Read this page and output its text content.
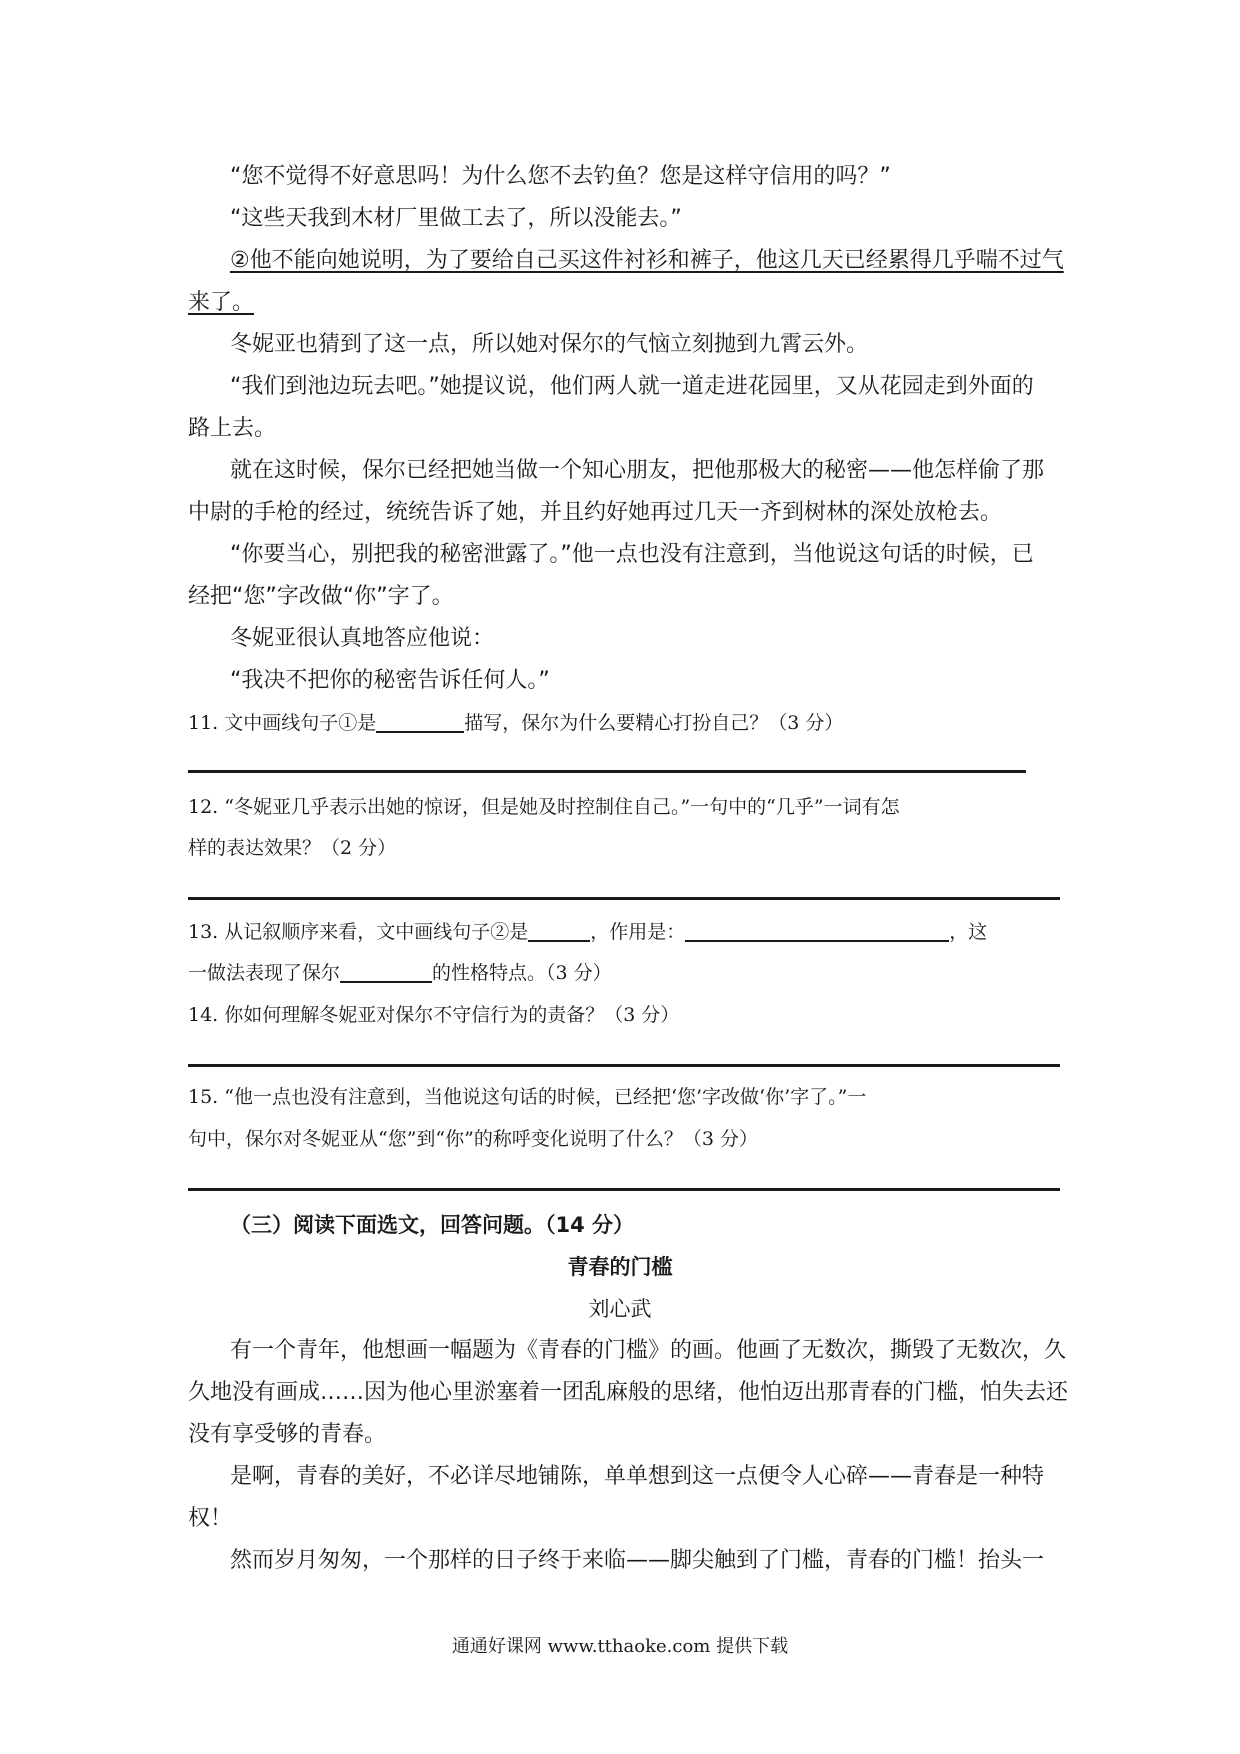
“您不觉得不好意思吗！为什么您不去钓鱼？您是这样守信用的吗？”
“这些天我到木材厂里做工去了，所以没能去。”
②他不能向她说明，为了要给自己买这件衬衫和裤子，他这几天已经累得几乎喘不过气
来了。
冬妮亚也猜到了这一点，所以她对保尔的气恼立刻抛到九霄云外。
“我们到池边玩去吧。”她提议说，他们两人就一道走进花园里，又从花园走到外面的
路上去。
就在这时候，保尔已经把她当做一个知心朋友，把他那极大的秘密——他怎样偷了那
中尉的手枪的经过，统统告诉了她，并且约好她再过几天一齐到树林的深处放枪去。
“你要当心，别把我的秘密泄露了。”他一点也没有注意到，当他说这句话的时候，已
经把“您”字改做“你”字了。
冬妮亚很认真地答应他说：
“我决不把你的秘密告诉任何人。”
11. 文中画线句子①是	描写，保尔为什么要精心打扮自己？（3 分）
12. “冬妮亚几乎表示出她的惊讶，但是她及时控制住自己。”一句中的“几乎”一词有怎
样的表达效果？（2 分）
13. 从记叙顺序来看，文中画线句子②是	，作用是：	，这
一做法表现了保尔	的性格特点。（3 分）
14. 你如何理解冬妮亚对保尔不守信行为的责备？（3 分）
15. “他一点也没有注意到，当他说这句话的时候，已经把‘您’字改做‘你’字了。”一
句中，保尔对冬妮亚从“您”到“你”的称呼变化说明了什么？（3 分）
（三）阅读下面选文，回答问题。（14 分）
青春的门槛
刘心武
有一个青年，他想画一幅题为《青春的门槛》的画。他画了无数次，撕毁了无数次，久
久地没有画成……因为他心里淤塞着一团乱麻般的思绪，他怕迈出那青春的门槛，怕失去还
没有享受够的青春。
是啊，青春的美好，不必详尽地铺陈，单单想到这一点便令人心碎——青春是一种特
权！
然而岁月匆匆，一个那样的日子终于来临——脚尖触到了门槛，青春的门槛！抬头一
通通好课网 www.tthaoke.com 提供下载
